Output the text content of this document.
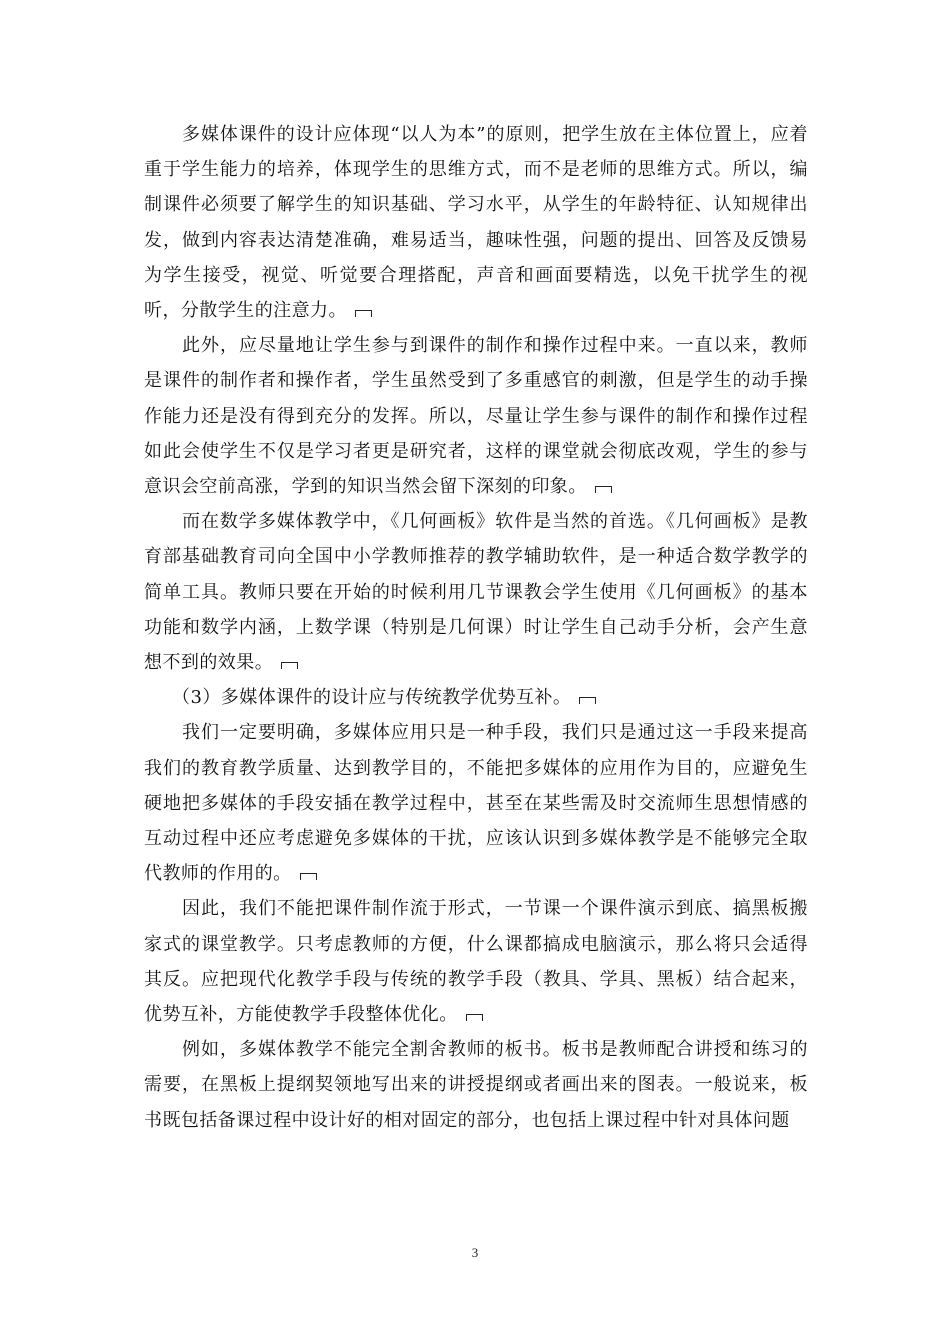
多媒体课件的设计应体现“以人为本”的原则，把学生放在主体位置上，应着重于学生能力的培养，体现学生的思维方式，而不是老师的思维方式。所以，编制课件必须要了解学生的知识基础、学习水平，从学生的年龄特征、认知规律出发，做到内容表达清楚准确，难易适当，趣味性强，问题的提出、回答及反馈易为学生接受，视觉、听觉要合理搭配，声音和画面要精选，以免干扰学生的视听，分散学生的注意力。

此外，应尽量地让学生参与到课件的制作和操作过程中来。一直以来，教师是课件的制作者和操作者，学生虽然受到了多重感官的刺激，但是学生的动手操作能力还是没有得到充分的发挥。所以，尽量让学生参与课件的制作和操作过程如此会使学生不仅是学习者更是研究者，这样的课堂就会彻底改观，学生的参与意识会空前高涨，学到的知识当然会留下深刻的印象。

而在数学多媒体教学中，《几何画板》软件是当然的首选。《几何画板》是教育部基础教育司向全国中小学教师推荐的教学辅助软件，是一种适合数学教学的简单工具。教师只要在开始的时候利用几节课教会学生使用《几何画板》的基本功能和数学内涵，上数学课（特别是几何课）时让学生自己动手分析，会产生意想不到的效果。

（3）多媒体课件的设计应与传统教学优势互补。

我们一定要明确，多媒体应用只是一种手段，我们只是通过这一手段来提高我们的教育教学质量、达到教学目的，不能把多媒体的应用作为目的，应避免生硬地把多媒体的手段安插在教学过程中，甚至在某些需及时交流师生思想情感的互动过程中还应考虑避免多媒体的干扰，应该认识到多媒体教学是不能够完全取代教师的作用的。

因此，我们不能把课件制作流于形式，一节课一个课件演示到底、搞黑板搬家式的课堂教学。只考虑教师的方便，什么课都搞成电脑演示，那么将只会适得其反。应把现代化教学手段与传统的教学手段（教具、学具、黑板）结合起来，优势互补，方能使教学手段整体优化。

例如，多媒体教学不能完全割舍教师的板书。板书是教师配合讲授和练习的需要，在黑板上提纲契领地写出来的讲授提纲或者画出来的图表。一般说来，板书既包括备课过程中设计好的相对固定的部分，也包括上课过程中针对具体问题

3
